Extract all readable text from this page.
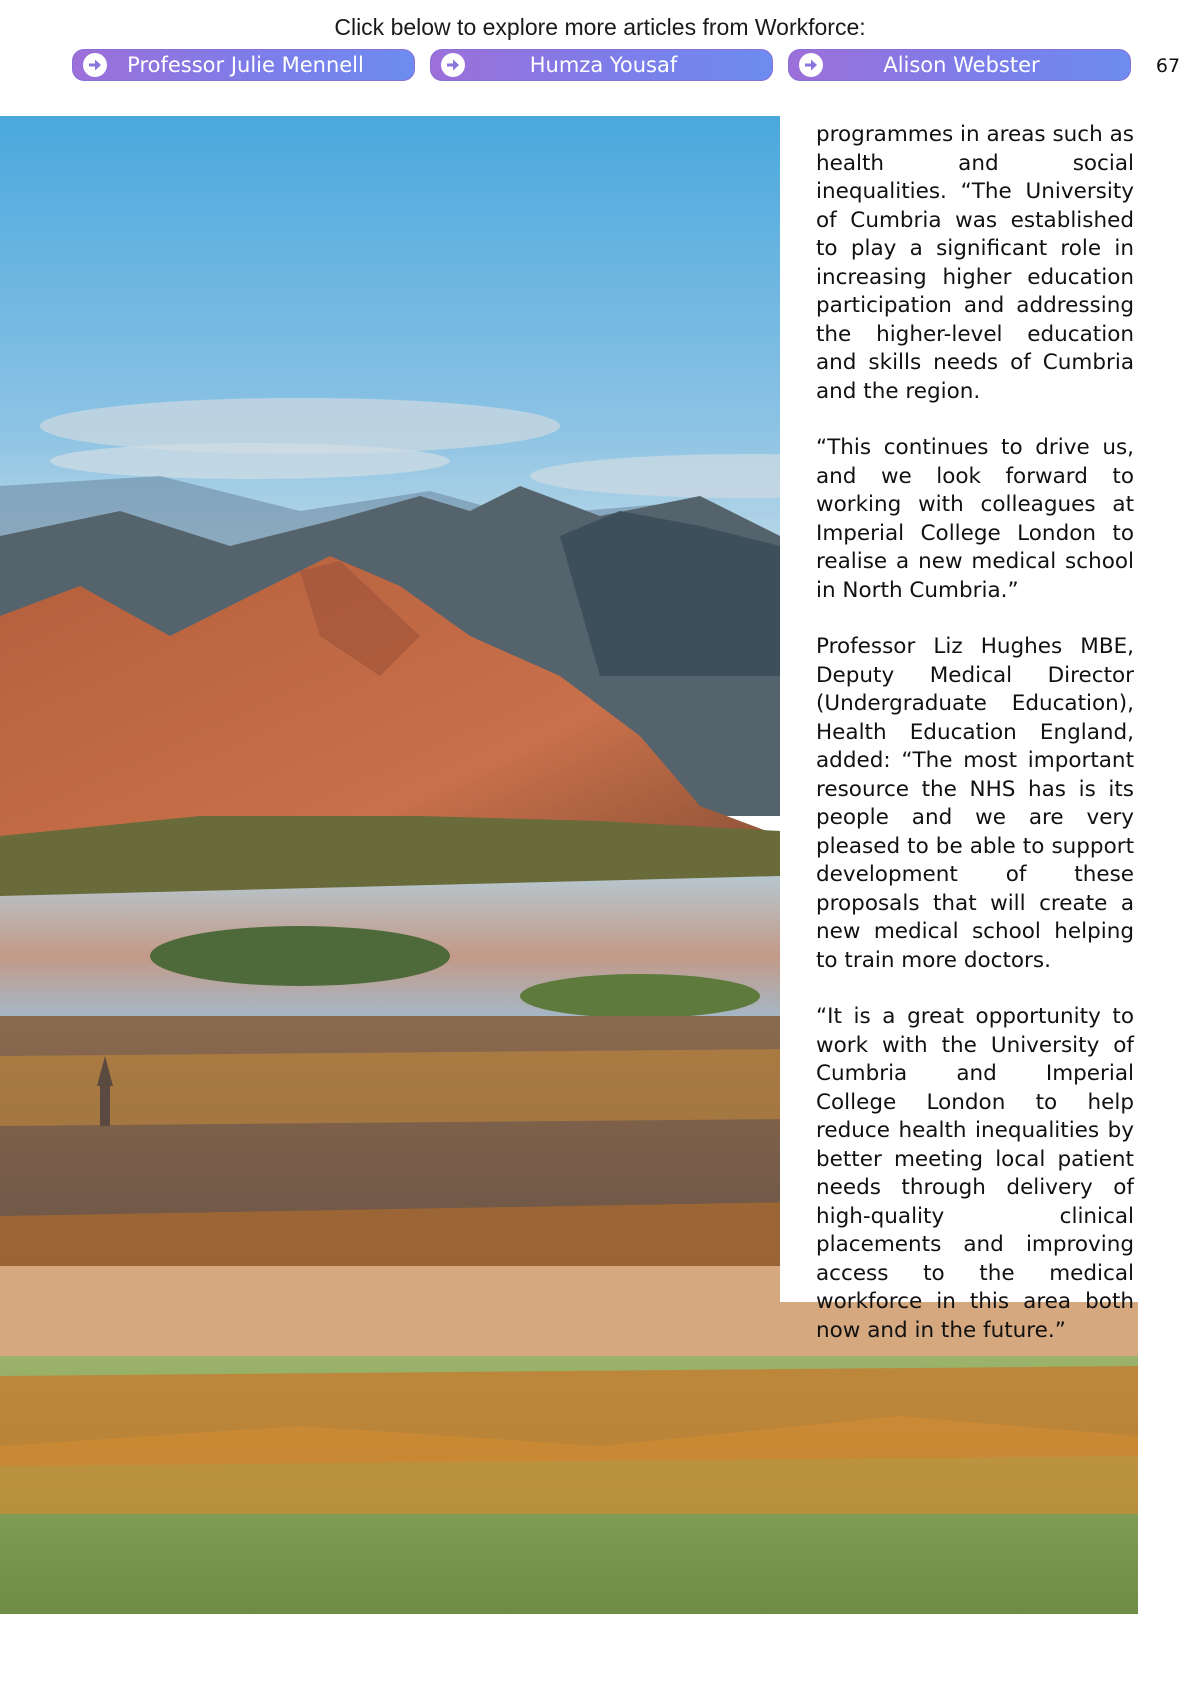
Click below to explore more articles from Workforce:
Professor Julie Mennell	Humza Yousaf	Alison Webster	67

programmes in areas such as health and social inequalities. “The University of Cumbria was established to play a significant role in increasing higher education participation and addressing the higher-level education and skills needs of Cumbria and the region.

“This continues to drive us, and we look forward to working with colleagues at Imperial College London to realise a new medical school in North Cumbria.”

Professor Liz Hughes MBE, Deputy Medical Director (Undergraduate Education), Health Education England, added: “The most important resource the NHS has is its people and we are very pleased to be able to support development of these proposals that will create a new medical school helping to train more doctors.

“It is a great opportunity to work with the University of Cumbria and Imperial College London to help reduce health inequalities by better meeting local patient needs through delivery of high-quality clinical placements and improving access to the medical workforce in this area both now and in the future.”
